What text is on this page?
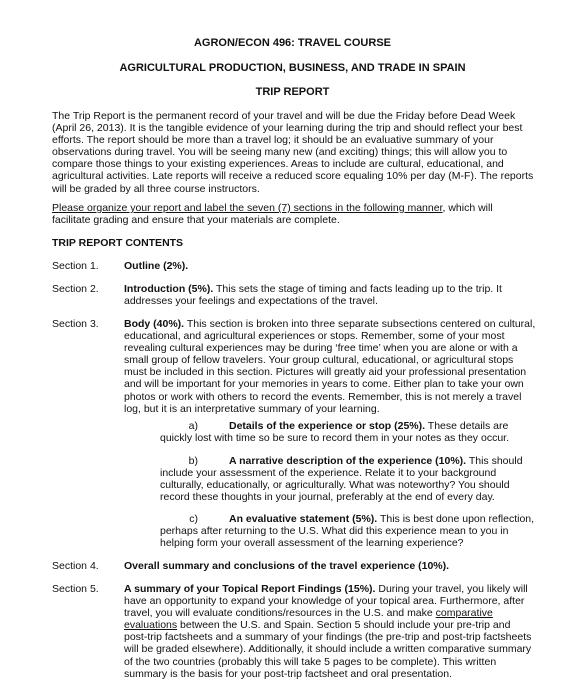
AGRON/ECON 496: TRAVEL COURSE
AGRICULTURAL PRODUCTION, BUSINESS, AND TRADE IN SPAIN
TRIP REPORT
The Trip Report is the permanent record of your travel and will be due the Friday before Dead Week (April 26, 2013). It is the tangible evidence of your learning during the trip and should reflect your best efforts. The report should be more than a travel log; it should be an evaluative summary of your observations during travel. You will be seeing many new (and exciting) things; this will allow you to compare those things to your existing experiences. Areas to include are cultural, educational, and agricultural activities. Late reports will receive a reduced score equaling 10% per day (M-F). The reports will be graded by all three course instructors.
Please organize your report and label the seven (7) sections in the following manner, which will facilitate grading and ensure that your materials are complete.
TRIP REPORT CONTENTS
Section 1. Outline (2%).
Section 2. Introduction (5%). This sets the stage of timing and facts leading up to the trip. It addresses your feelings and expectations of the travel.
Section 3. Body (40%). This section is broken into three separate subsections centered on cultural, educational, and agricultural experiences or stops. Remember, some of your most revealing cultural experiences may be during ‘free time’ when you are alone or with a small group of fellow travelers. Your group cultural, educational, or agricultural stops must be included in this section. Pictures will greatly aid your professional presentation and will be important for your memories in years to come. Either plan to take your own photos or work with others to record the events. Remember, this is not merely a travel log, but it is an interpretative summary of your learning.
a)	Details of the experience or stop (25%). These details are quickly lost with time so be sure to record them in your notes as they occur.
b)	A narrative description of the experience (10%). This should include your assessment of the experience. Relate it to your background culturally, educationally, or agriculturally. What was noteworthy? You should record these thoughts in your journal, preferably at the end of every day.
c)	An evaluative statement (5%). This is best done upon reflection, perhaps after returning to the U.S. What did this experience mean to you in helping form your overall assessment of the learning experience?
Section 4. Overall summary and conclusions of the travel experience (10%).
Section 5. A summary of your Topical Report Findings (15%). During your travel, you likely will have an opportunity to expand your knowledge of your topical area. Furthermore, after travel, you will evaluate conditions/resources in the U.S. and make comparative evaluations between the U.S. and Spain. Section 5 should include your pre-trip and post-trip factsheets and a summary of your findings (the pre-trip and post-trip factsheets will be graded elsewhere). Additionally, it should include a written comparative summary of the two countries (probably this will take 5 pages to be complete). This written summary is the basis for your post-trip factsheet and oral presentation.
